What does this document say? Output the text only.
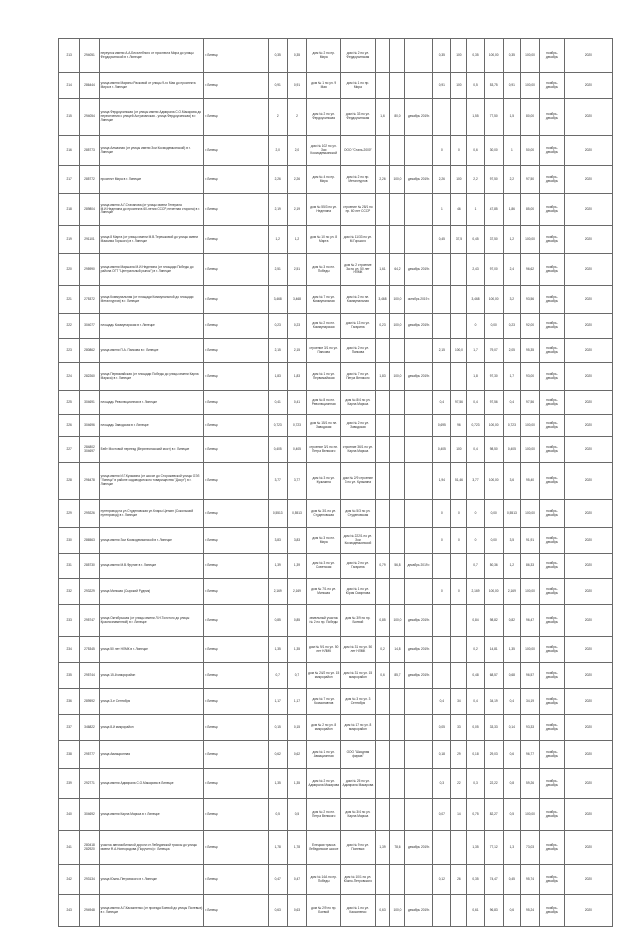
213	294051	переулок имени А.А.Бесхлебного от проспекта Мира до улицы Фердоусинской в г. Липецке	г.Липецк	0,35	0,35	дом № 2 по пр. Мира	дом № 2 по ул. Фердоусинская				0,35	100	0,35	100,00	0,35	100,00	ноябрь-декабрь	2020
214	286444	улица имени Марины Расковой от улицы 9-го Мая до проспекта Мира в г. Липецке	г.Липецк	0,91	0,91	дом № 1 по ул. 9 Мая	дом № 1 по пр. Мира				0,91	100	0,5	53,75	0,91	100,00	ноябрь-декабрь	2020
215	294054	улица Фердоусинская (от улицы имени Адмирала С.О.Макарова до пересечения с улицей Астраханская - улица Фердоусинская) в г. Липецке	г.Липецк	2	2	дом № 2 по ул. Фердоусинская	дом № 33 по ул. Фердоусинская	1,6	80,0	декабрь 2019г.			1,55	77,50	1,5	80,00	ноябрь-декабрь	2020
216	285773	улица Алмазная (от улицы имени Зои Космодемьянской) в г. Липецке	г.Липецк	2,0	2,0	дом № 102 по ул. Зои Космодемьянской	ООО "Сталь-2000"				0	0	0,6	30,00	1	50,00	ноябрь-декабрь	2020
217	285772	проспект Мира в г. Липецке	г.Липецк	2,26	2,26	дом № 4 по пр. Мира	дом № 2 по пр. Металлургов	2,26	100,0	декабрь 2019г.	2,26	100	2,2	97,50	2,2	97,50	ноябрь-декабрь	2020
218	289804	улица имени А.Г.Стаханова (от улицы имени Генерала М.И.Неделина до проспекта 60-летия СССР, нечетная сторона) в г. Липецке	г.Липецк	2,19	2,19	дом № 55/3 по ул. Неделина	строение № 28/1 по пр. 60 лет СССР				1	46	1	47,85	1,86	85,00	ноябрь-декабрь	2020
219	291101	улица 8 Марта (от улицы имени М.В.Терешковой до улицы имени Максима Горького) в г. Липецке	г.Липецк	1,2	1,2	дом № 10 по ул. 8 Марта	дом № 11/33 по ул. М.Горького				0,45	37,5	0,45	37,50	1,2	100,00	ноябрь-декабрь	2020
220	295990	улица имени Маршала М.И.Неделина (от площади Победы до района ОГТ "Центральный рынок") в г. Липецке	г.Липецк	2,51	2,51	дом № 3 по пл. Победы	дом № 2 строение 3а по ул. 50 лет НЛМК	1,61	64,2	декабрь 2019г.			2,43	97,00	2,4	96,62	ноябрь-декабрь	2020
221	275372	улица Коммунальная (от площади Коммунальной до площади Металлургов) в г. Липецке	г.Липецк	3,468	3,468	дом № 7 по ул. Коммунальная	дом № 2 по пл. Коммунальная	3,468	100,0	октябрь 2019 г.			3,468	100,00	3,2	93,56	ноябрь-декабрь	2020
222	304077	площадь Коммунарская в г. Липецке	г.Липецк	0,23	0,23	дом № 2 по пл. Коммунарская	дом № 13 по ул. Гагарина	0,23	100,0	декабрь 2019г.			0	0,00	0,23	92,00	ноябрь-декабрь	2020
223	280862	улица имени П.А. Папкова в г. Липецке	г.Липецк	2,15	2,15	строение 3/1 по ул. Папкова	дом № 2 по ул. Папкова				2,15	100,0	1,7	79,07	2,05	95,35	ноябрь-декабрь	2020
224	282260	улица Первомайская (от площади Победы до улицы имени Карла Маркса) в г. Липецке	г.Липецк	1,83	1,83	дом № 1 по ул. Первомайская	дом № 7 по ул. Петра Великого	1,83	100,0	декабрь 2019г.			1,8	97,30	1,7	93,00	ноябрь-декабрь	2020
225	304691	площадь Революционная в г. Липецке	г.Липецк	0,41	0,41	дом № 8 по пл. Революционная	дом № 8/4 по ул. Карла Маркса				0,4	97,56	0,4	97,56	0,4	97,56	ноябрь-декабрь	2020
226	304696	площадь Заводская в г. Липецке	г.Липецк	0,723	0,723	дом № 15/1 по пл. Заводская	дом № 2 по ул. Заводская				0,695	96	0,723	100,00	0,723	100,00	ноябрь-декабрь	2020
227	284802 304697	Бейт Мостовой переезд (Верхнеспасский мост) в г. Липецке	г.Липецк	0,405	0,405	строение 3/1 по пл. Петра Великого	строение 36/1 по ул. Карла Маркса				0,405	100	0,4	98,50	0,405	100,00	ноябрь-декабрь	2020
228	296478	улица имени И.Г.Кузьмина (от шоссе до Сторожевской улицы ОЭЗ "Липецк" в районе садоводческого товарищества "Досуг") в г. Липецке	г.Липецк	3,77	3,77	дом № 3 по ул. Кузьмина	дом № 2/9 строение 3 по ул. Кузьмина				1,94	51,46	3,77	100,00	3,6	95,40	ноябрь-декабрь	2020
229	299226	путепровод на ул.Студеновская ул.Клары Цеткин (Сокольский путепровод) в г. Липецке	г.Липецк	0,5513	0,5513	дом № 3/1 по ул. Студеновская	дом № 5/3 по ул. Студеновская				0	0	0	0,00	0,5513	100,00	ноябрь-декабрь	2020
230	286563	улица имени Зои Космодемьянской в г. Липецке	г.Липецк	3,83	3,83	дом № 3 по пл. Мира	дом № 222/1 по ул. Зои Космодемьянской				0	0	0	0,00	3,5	91,91	ноябрь-декабрь	2020
231	285730	улица имени М.В.Фрунзе в г. Липецке	г.Липецк	1,39	1,39	дом № 3 по ул. Советская	дом № 2 по ул. Гагарина	0,79	56,8	декабрь 2019 г.			0,7	50,36	1,2	86,33	ноябрь-декабрь	2020
232	293229	улица Минская (Сырский Рудник)	г.Липецк	2,169	2,169	дом № 7/1 по ул. Минская	дом № 1 по ул. Юрия Смирнова				0	0	2,169	100,00	2,169	100,00	ноябрь-декабрь	2020
233	295747	улица Октябрьская (от улицы имени Л.Н.Толстого до улицы Краснознаменной) в г. Липецке	г.Липецк	0,85	0,85	земельный участок № 2 по пр. Победы	дом № 3/9 по пр. Боевой	0,85	100,0	декабрь 2019г.			0,84	98,82	0,82	96,47	ноябрь-декабрь	2020
234	275345	улица 50 лет НЛМК в г. Липецке	г.Липецк	1,35	1,35	дом № 9/1 по ул. 50 лет НЛМК	дом № 31 по ул. 50 лет НЛМК	0,2	14,8	декабрь 2019г.			0,2	14,81	1,35	100,00	ноябрь-декабрь	2020
235	295744	улица 15-й микрорайон	г.Липецк	0,7	0,7	дом № 24/2 по ул. 15 микрорайон	дом № 31 по ул. 15 микрорайон	0,6	85,7	декабрь 2019г.			0,48	68,57	0,68	96,57	ноябрь-декабрь	2020
236	289592	улица 3-е Сентября	г.Липецк	1,17	1,17	дом № 7 по ул. Космонавтов	дом № 3 по ул. 3 Сентября				0,4	34	0,4	34,19	0,4	34,19	ноябрь-декабрь	2020
237	346822	улица 8-й микрорайон	г.Липецк	0,15	0,15	дом № 2 по ул. 8 микрорайон	дом № 17 по ул. 8 микрорайон				0,05	33	0,05	33,33	0,14	93,33	ноябрь-декабрь	2020
238	295777	улица Авиационная	г.Липецк	0,62	0,62	дом № 1 по ул. Авиационная	ООО "Шкодная фирма"				0,18	29	0,18	29,03	0,6	96,77	ноябрь-декабрь	2020
239	292771	улица имени Адмирала С.О.Макарова в Липецке	г.Липецк	1,35	1,35	дом № 2 по ул. Адмирала Макарова	дом № 25 по ул. Адмирала Макарова				0,3	22	0,3	22,22	0,8	59,26	ноябрь-декабрь	2020
240	304692	улица имени Карла Маркса в г. Липецке	г.Липецк	0,5	0,5	дом № 2 по пл. Петра Великого	дом № 3/4 по ул. Карла Маркса				0,07	14	0,75	82,27	0,5	100,00	ноябрь-декабрь	2020
241	280418 282920	участок автомобильной дороги от Лебедянской трассы до улицы имени Ф.А.Новгородова (Поручено) г. Липецка	г.Липецк	1,78	1,78	Елецкая трасса Лебедянское шоссе	дом № 9 по ул. Полевых	1,39	78,6	декабрь 2019г.			1,35	77,12	1,3	73,03	ноябрь-декабрь	2020
242	293134	улица Южно-Петровского в г. Липецке	г.Липецк	0,47	0,47	дом № 14А по пр. Победы	дом № 10/1 по ул. Южно-Петровского				0,12	26	0,35	74,47	0,45	95,74	ноябрь-декабрь	2020
243	294948	улица имени А.Г.Касьяненко (от проезда Боевой до улицы Полевых) в г. Липецке	г.Липецк	0,63	0,63	дом № 2/9 по пр. Боевой	дом № 1 по ул. Касьяненко	0,63	100,0	декабрь 2019г.			0,61	96,83	0,6	95,24	ноябрь-декабрь	2020
